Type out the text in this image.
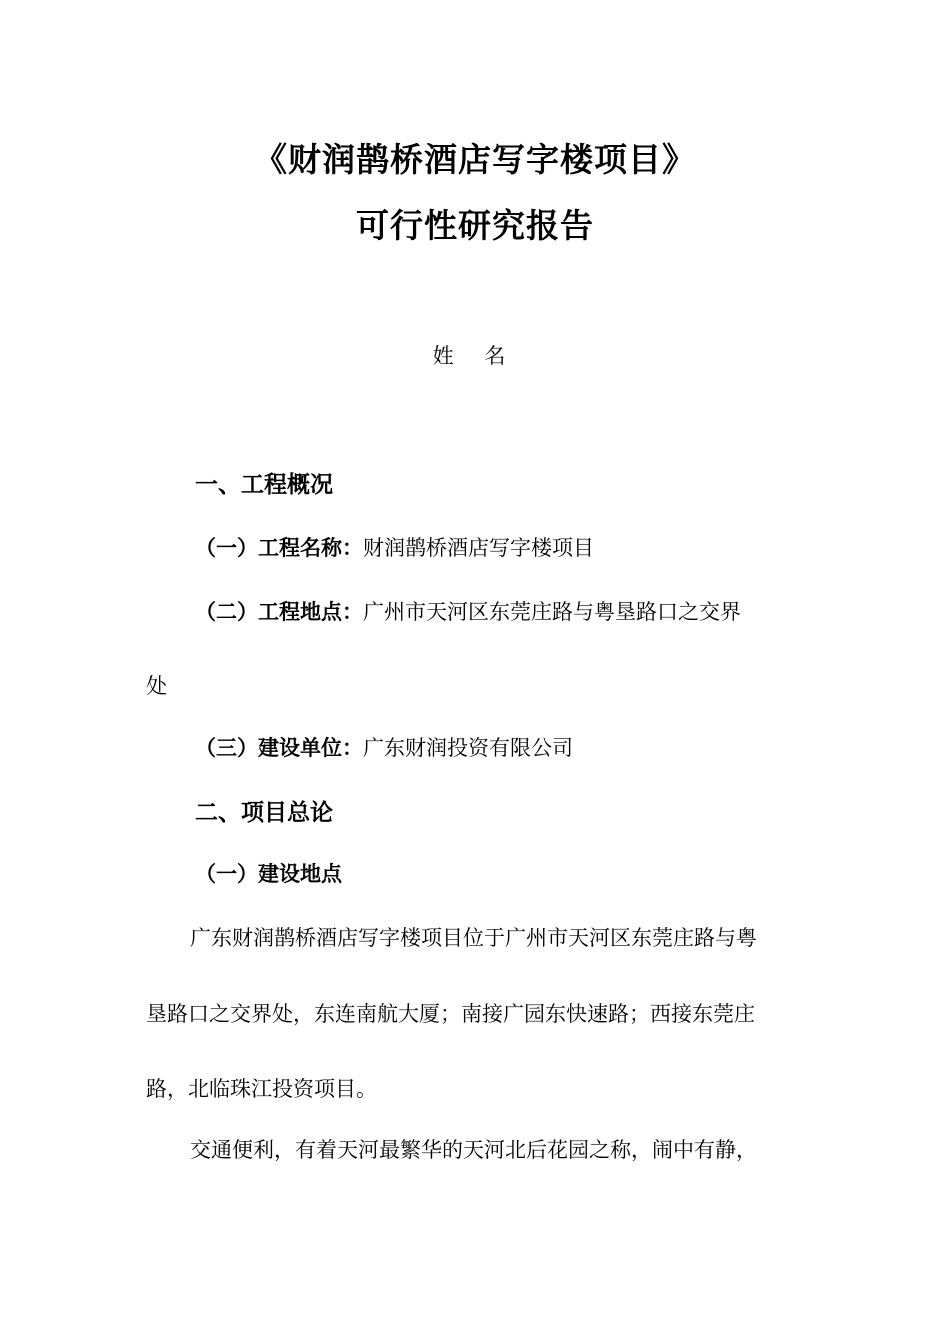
《财润鹊桥酒店写字楼项目》
可行性研究报告
姓 名
一、工程概况
（一）工程名称：财润鹊桥酒店写字楼项目
（二）工程地点：广州市天河区东莞庄路与粤垦路口之交界
处
（三）建设单位：广东财润投资有限公司
二、项目总论
（一）建设地点
广东财润鹊桥酒店写字楼项目位于广州市天河区东莞庄路与粤
垦路口之交界处，东连南航大厦；南接广园东快速路；西接东莞庄
路，北临珠江投资项目。
交通便利，有着天河最繁华的天河北后花园之称，闹中有静，
